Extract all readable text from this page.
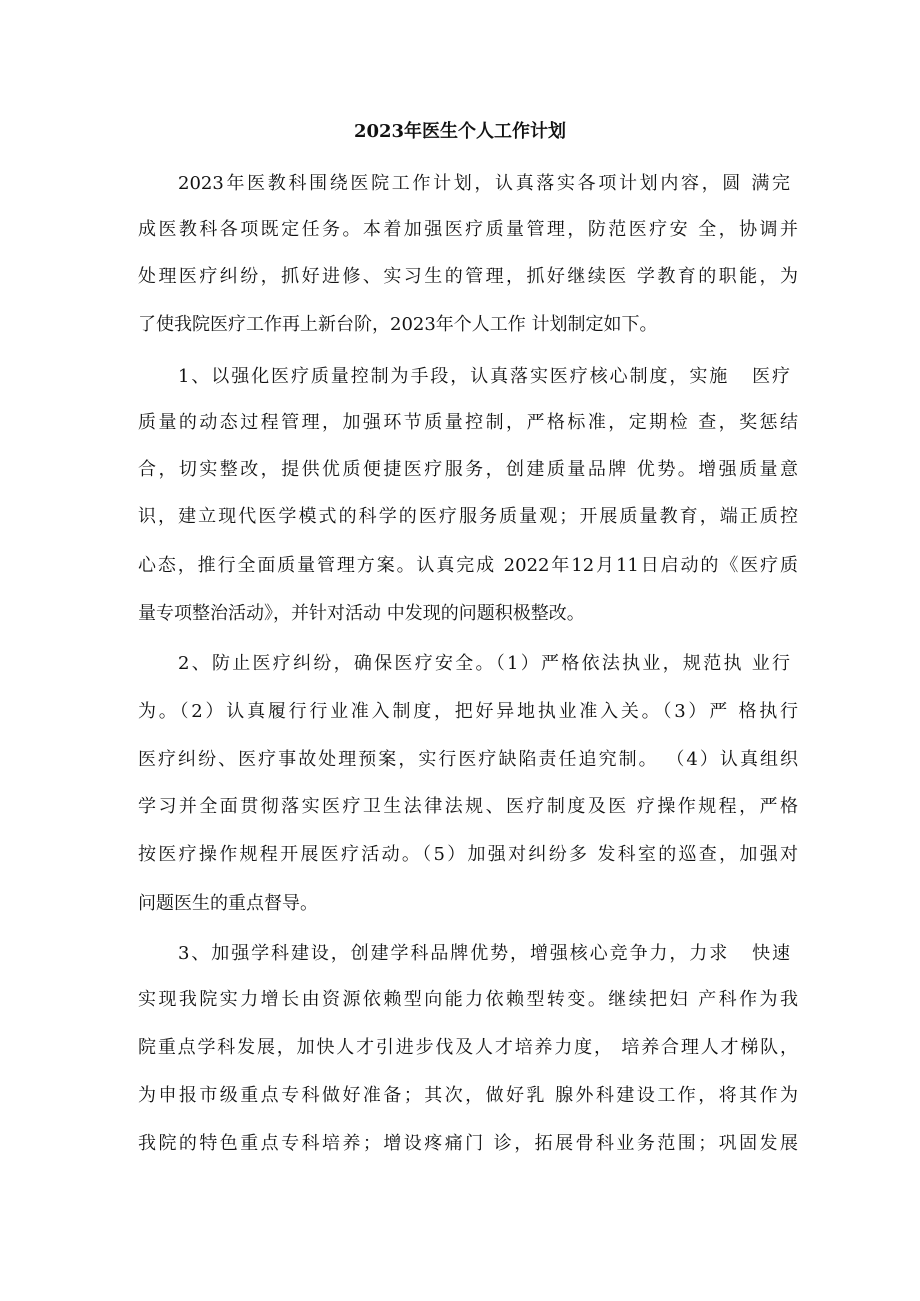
2023年医生个人工作计划
2023年医教科围绕医院工作计划，认真落实各项计划内容，圆 满完
成医教科各项既定任务。本着加强医疗质量管理，防范医疗安 全，协调并
处理医疗纠纷，抓好进修、实习生的管理，抓好继续医 学教育的职能，为
了使我院医疗工作再上新台阶，2023年个人工作 计划制定如下。
1、以强化医疗质量控制为手段，认真落实医疗核心制度，实施   医疗
质量的动态过程管理，加强环节质量控制，严格标准，定期检 查，奖惩结
合，切实整改，提供优质便捷医疗服务，创建质量品牌 优势。增强质量意
识，建立现代医学模式的科学的医疗服务质量观；开展质量教育，端正质控
心态，推行全面质量管理方案。认真完成 2022年12月11日启动的《医疗质
量专项整治活动》，并针对活动 中发现的问题积极整改。
2、防止医疗纠纷，确保医疗安全。（1）严格依法执业，规范执 业行
为。（2）认真履行行业准入制度，把好异地执业准入关。（3）严 格执行
医疗纠纷、医疗事故处理预案，实行医疗缺陷责任追究制。 （4）认真组织
学习并全面贯彻落实医疗卫生法律法规、医疗制度及医 疗操作规程，严格
按医疗操作规程开展医疗活动。（5）加强对纠纷多 发科室的巡查，加强对
问题医生的重点督导。
3、加强学科建设，创建学科品牌优势，增强核心竞争力，力求   快速
实现我院实力增长由资源依赖型向能力依赖型转变。继续把妇 产科作为我
院重点学科发展，加快人才引进步伐及人才培养力度， 培养合理人才梯队，
为申报市级重点专科做好准备；其次，做好乳 腺外科建设工作，将其作为
我院的特色重点专科培养；增设疼痛门 诊，拓展骨科业务范围；巩固发展
